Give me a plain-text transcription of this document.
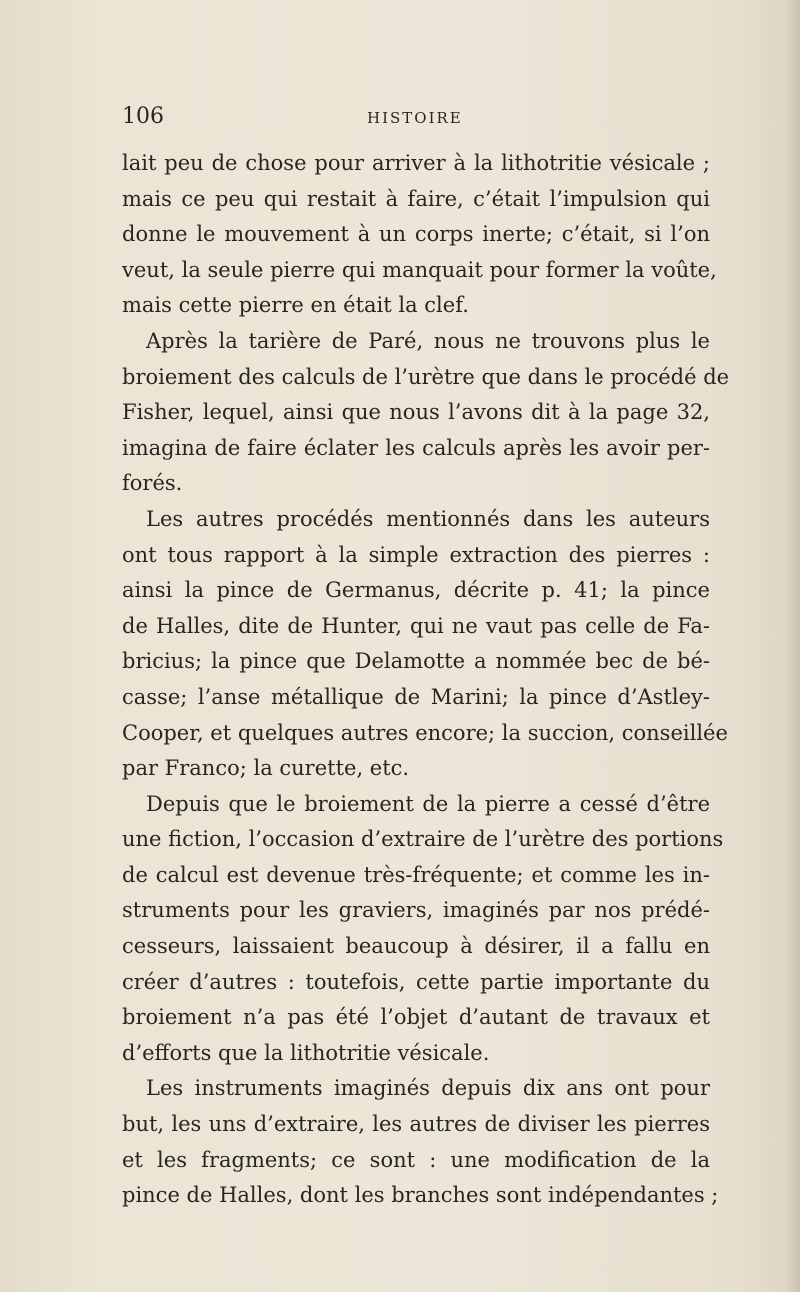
106	HISTOIRE
lait peu de chose pour arriver à la lithotritie vésicale ;
mais ce peu qui restait à faire, c’était l’impulsion qui
donne le mouvement à un corps inerte; c’était, si l’on
veut, la seule pierre qui manquait pour former la voûte,
mais cette pierre en était la clef.
Après la tarière de Paré, nous ne trouvons plus le
broiement des calculs de l’urètre que dans le procédé de
Fisher, lequel, ainsi que nous l’avons dit à la page 32,
imagina de faire éclater les calculs après les avoir per-
forés.
Les autres procédés mentionnés dans les auteurs
ont tous rapport à la simple extraction des pierres :
ainsi la pince de Germanus, décrite p. 41; la pince
de Halles, dite de Hunter, qui ne vaut pas celle de Fa-
bricius; la pince que Delamotte a nommée bec de bé-
casse; l’anse métallique de Marini; la pince d’Astley-
Cooper, et quelques autres encore; la succion, conseillée
par Franco; la curette, etc.
Depuis que le broiement de la pierre a cessé d’être
une fiction, l’occasion d’extraire de l’urètre des portions
de calcul est devenue très-fréquente; et comme les in-
struments pour les graviers, imaginés par nos prédé-
cesseurs, laissaient beaucoup à désirer, il a fallu en
créer d’autres : toutefois, cette partie importante du
broiement n’a pas été l’objet d’autant de travaux et
d’efforts que la lithotritie vésicale.
Les instruments imaginés depuis dix ans ont pour
but, les uns d’extraire, les autres de diviser les pierres
et les fragments; ce sont : une modification de la
pince de Halles, dont les branches sont indépendantes ;
